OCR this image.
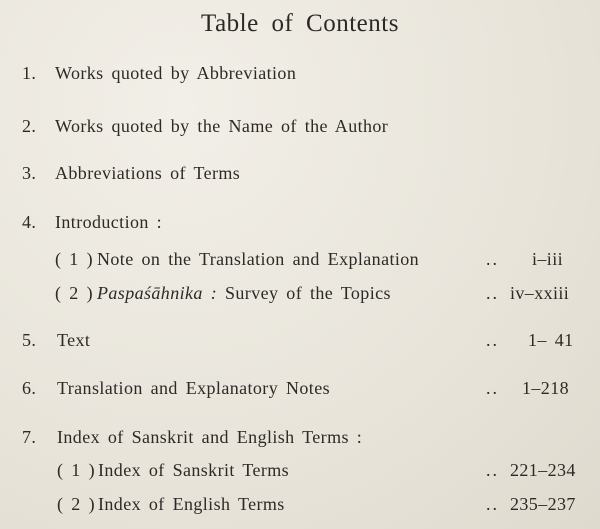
Table of Contents
1. Works quoted by Abbreviation
2. Works quoted by the Name of the Author
3. Abbreviations of Terms
4. Introduction :
( 1 ) Note on the Translation and Explanation	.. i–iii
( 2 ) Paspaśāhnika : Survey of the Topics	.. iv–xxiii
5. Text	.. 1– 41
6. Translation and Explanatory Notes	.. 1–218
7. Index of Sanskrit and English Terms :
( 1 ) Index of Sanskrit Terms	.. 221–234
( 2 ) Index of English Terms	.. 235–237
